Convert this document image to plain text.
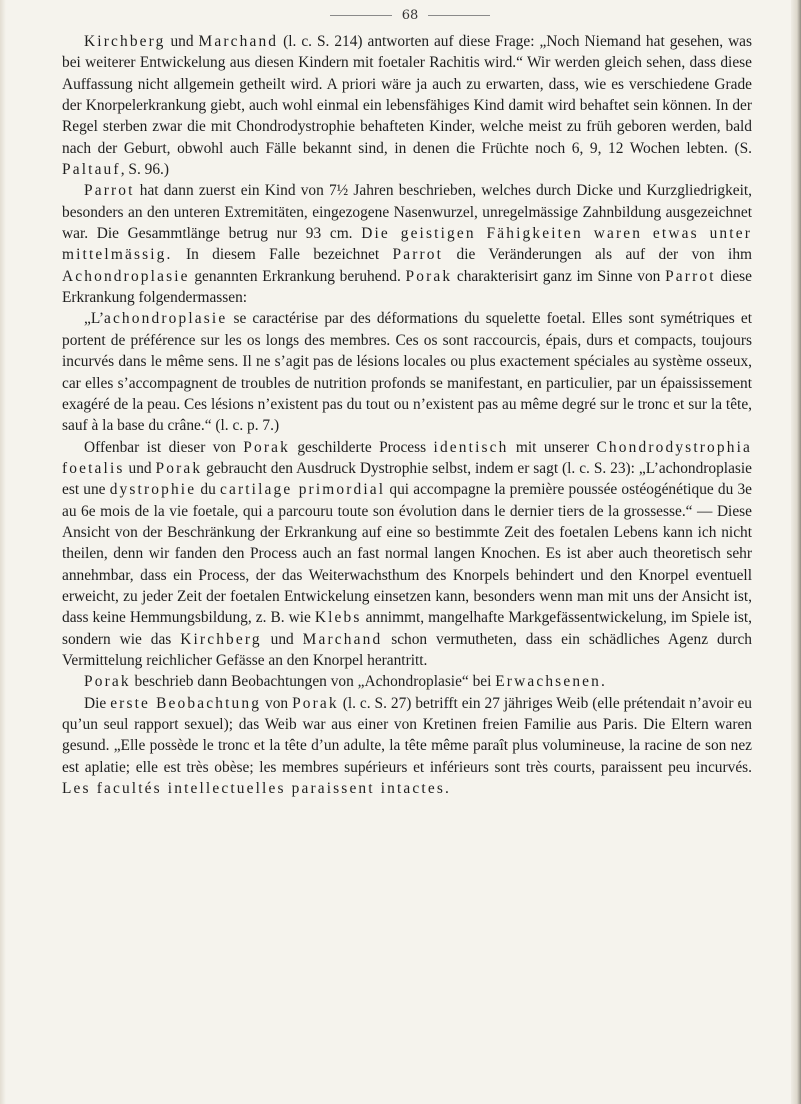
68

Kirchberg und Marchand (l. c. S. 214) antworten auf diese Frage: „Noch Niemand hat gesehen, was bei weiterer Entwickelung aus diesen Kindern mit foetaler Rachitis wird.“ Wir werden gleich sehen, dass diese Auffassung nicht allgemein getheilt wird. A priori wäre ja auch zu erwarten, dass, wie es verschiedene Grade der Knorpelerkrankung giebt, auch wohl einmal ein lebensfähiges Kind damit wird behaftet sein können. In der Regel sterben zwar die mit Chondrodystrophie behafteten Kinder, welche meist zu früh geboren werden, bald nach der Geburt, obwohl auch Fälle bekannt sind, in denen die Früchte noch 6, 9, 12 Wochen lebten. (S. Paltauf, S. 96.)

Parrot hat dann zuerst ein Kind von 7½ Jahren beschrieben, welches durch Dicke und Kurzgliedrigkeit, besonders an den unteren Extremitäten, eingezogene Nasenwurzel, unregelmässige Zahnbildung ausgezeichnet war. Die Gesammtlänge betrug nur 93 cm. Die geistigen Fähigkeiten waren etwas unter mittelmässig. In diesem Falle bezeichnet Parrot die Veränderungen als auf der von ihm Achondroplasie genannten Erkrankung beruhend. Porak charakterisirt ganz im Sinne von Parrot diese Erkrankung folgendermassen:

„L’achondroplasie se caractérise par des déformations du squelette foetal. Elles sont symétriques et portent de préférence sur les os longs des membres. Ces os sont raccourcis, épais, durs et compacts, toujours incurvés dans le même sens. Il ne s’agit pas de lésions locales ou plus exactement spéciales au système osseux, car elles s’accompagnent de troubles de nutrition profonds se manifestant, en particulier, par un épaississement exagéré de la peau. Ces lésions n’existent pas du tout ou n’existent pas au même degré sur le tronc et sur la tête, sauf à la base du crâne.“ (l. c. p. 7.)

Offenbar ist dieser von Porak geschilderte Process identisch mit unserer Chondrodystrophia foetalis und Porak gebraucht den Ausdruck Dystrophie selbst, indem er sagt (l. c. S. 23): „L’achondroplasie est une dystrophie du cartilage primordial qui accompagne la première poussée ostéogénétique du 3e au 6e mois de la vie foetale, qui a parcouru toute son évolution dans le dernier tiers de la grossesse.“ — Diese Ansicht von der Beschränkung der Erkrankung auf eine so bestimmte Zeit des foetalen Lebens kann ich nicht theilen, denn wir fanden den Process auch an fast normal langen Knochen. Es ist aber auch theoretisch sehr annehmbar, dass ein Process, der das Weiterwachsthum des Knorpels behindert und den Knorpel eventuell erweicht, zu jeder Zeit der foetalen Entwickelung einsetzen kann, besonders wenn man mit uns der Ansicht ist, dass keine Hemmungsbildung, z. B. wie Klebs annimmt, mangelhafte Markgefässentwickelung, im Spiele ist, sondern wie das Kirchberg und Marchand schon vermutheten, dass ein schädliches Agenz durch Vermittelung reichlicher Gefässe an den Knorpel herantritt.

Porak beschrieb dann Beobachtungen von „Achondroplasie“ bei Erwachsenen.

Die erste Beobachtung von Porak (l. c. S. 27) betrifft ein 27 jähriges Weib (elle prétendait n’avoir eu qu’un seul rapport sexuel); das Weib war aus einer von Kretinen freien Familie aus Paris. Die Eltern waren gesund. „Elle possède le tronc et la tête d’un adulte, la tête même paraît plus volumineuse, la racine de son nez est aplatie; elle est très obèse; les membres supérieurs et inférieurs sont très courts, paraissent peu incurvés. Les facultés intellectuelles paraissent intactes.
